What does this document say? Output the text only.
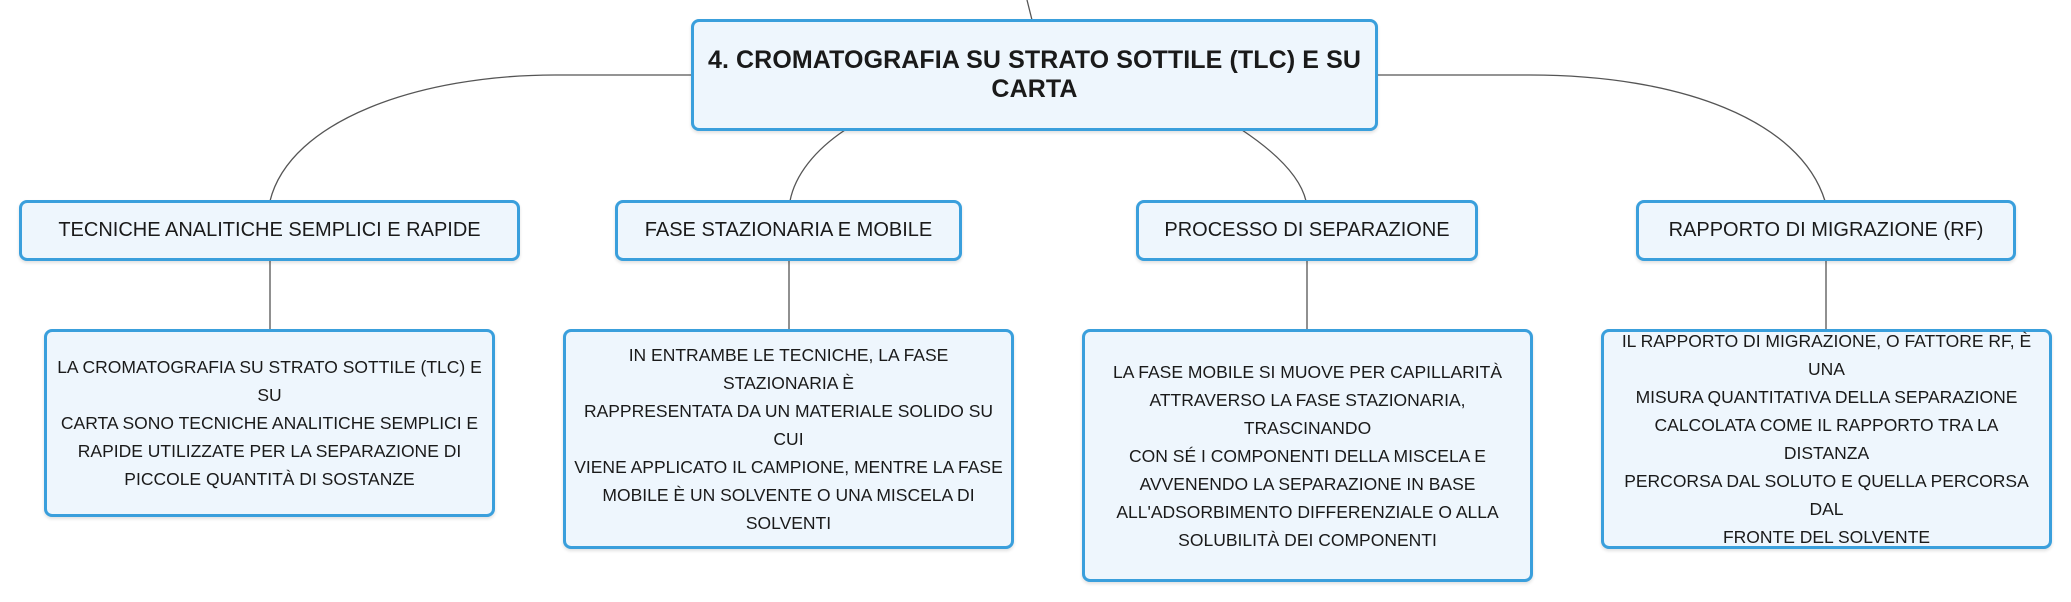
4. CROMATOGRAFIA SU STRATO SOTTILE (TLC) E SU CARTA
TECNICHE ANALITICHE SEMPLICI E RAPIDE	FASE STAZIONARIA E MOBILE	PROCESSO DI SEPARAZIONE	RAPPORTO DI MIGRAZIONE (RF)
LA CROMATOGRAFIA SU STRATO SOTTILE (TLC) E SU
CARTA SONO TECNICHE ANALITICHE SEMPLICI E
RAPIDE UTILIZZATE PER LA SEPARAZIONE DI
PICCOLE QUANTITÀ DI SOSTANZE
IN ENTRAMBE LE TECNICHE, LA FASE STAZIONARIA È
RAPPRESENTATA DA UN MATERIALE SOLIDO SU CUI
VIENE APPLICATO IL CAMPIONE, MENTRE LA FASE
MOBILE È UN SOLVENTE O UNA MISCELA DI
SOLVENTI
LA FASE MOBILE SI MUOVE PER CAPILLARITÀ
ATTRAVERSO LA FASE STAZIONARIA, TRASCINANDO
CON SÉ I COMPONENTI DELLA MISCELA E
AVVENENDO LA SEPARAZIONE IN BASE
ALL'ADSORBIMENTO DIFFERENZIALE O ALLA
SOLUBILITÀ DEI COMPONENTI
IL RAPPORTO DI MIGRAZIONE, O FATTORE RF, È UNA
MISURA QUANTITATIVA DELLA SEPARAZIONE
CALCOLATA COME IL RAPPORTO TRA LA DISTANZA
PERCORSA DAL SOLUTO E QUELLA PERCORSA DAL
FRONTE DEL SOLVENTE
